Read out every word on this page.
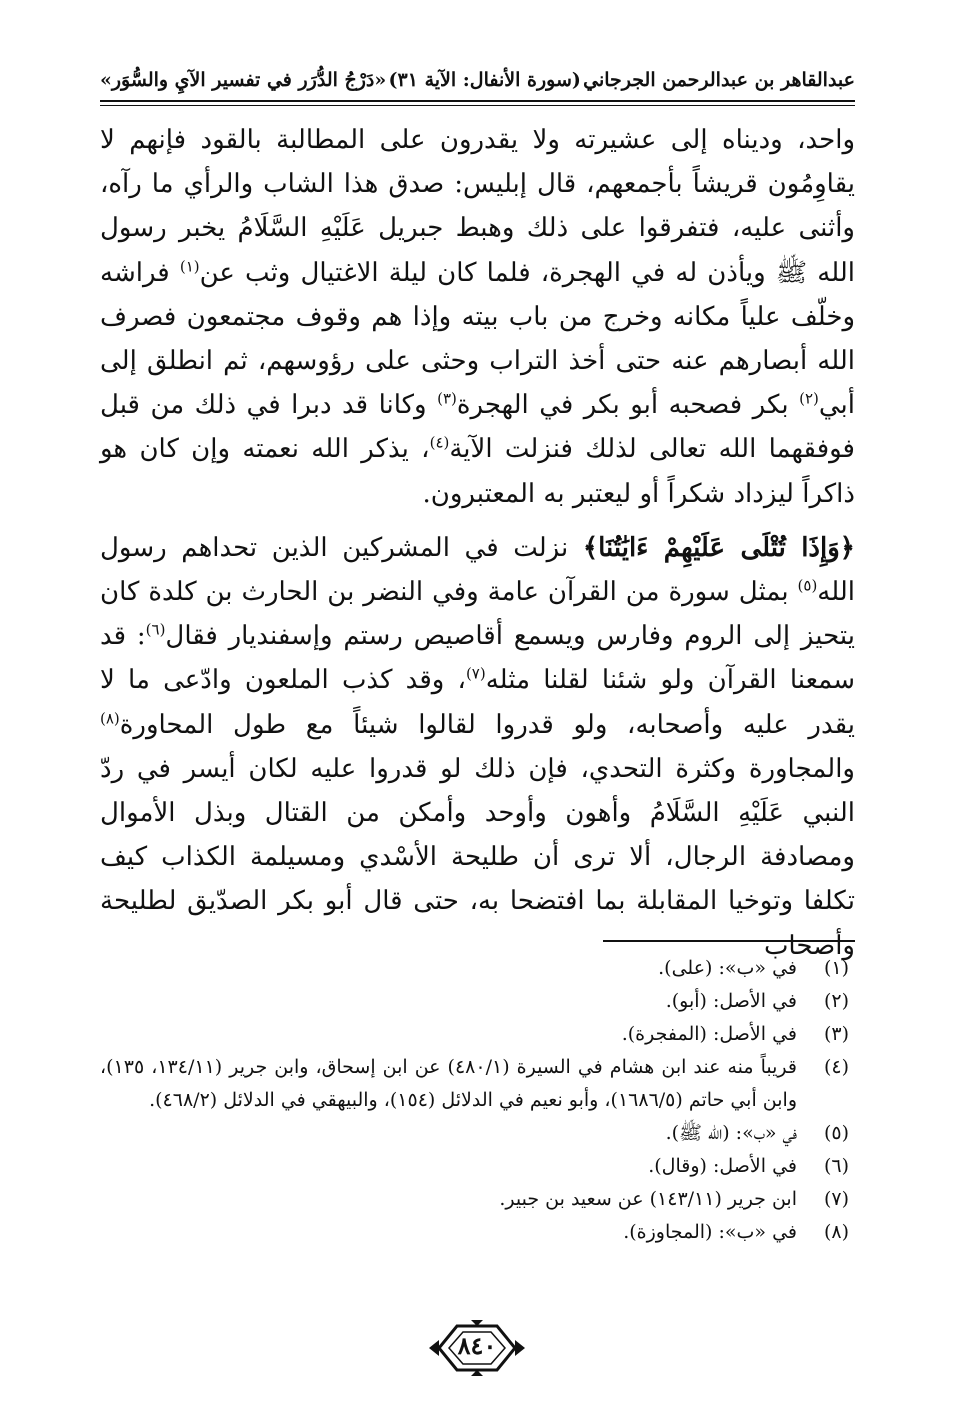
عبدالقاهر بن عبدالرحمن الجرجاني
(سورة الأنفال: الآية ٣١)
«دَرْجُ الدُّرَر في تفسير الآيِ والسُّوَر»

واحد، وديناه إلى عشيرته ولا يقدرون على المطالبة بالقود فإنهم لا يقاوِمُون قريشاً بأجمعهم، قال إبليس: صدق هذا الشاب والرأي ما رآه، وأثنى عليه، فتفرقوا على ذلك وهبط جبريل عَلَيْهِ السَّلَامُ يخبر رسول الله ﷺ ويأذن له في الهجرة، فلما كان ليلة الاغتيال وثب عن$^{(١)}$ فراشه وخلّف علياً مكانه وخرج من باب بيته وإذا هم وقوف مجتمعون فصرف الله أبصارهم عنه حتى أخذ التراب وحثى على رؤوسهم، ثم انطلق إلى أبي$^{(٢)}$ بكر فصحبه أبو بكر في الهجرة$^{(٣)}$ وكانا قد دبرا في ذلك من قبل فوفقهما الله تعالى لذلك فنزلت الآية$^{(٤)}$، يذكر الله نعمته وإن كان هو ذاكراً ليزداد شكراً أو ليعتبر به المعتبرون.

﴿وَإِذَا تُتْلَى عَلَيْهِمْ ءَايَٰتُنَا﴾ نزلت في المشركين الذين تحداهم رسول الله$^{(٥)}$ بمثل سورة من القرآن عامة وفي النضر بن الحارث بن كلدة كان يتحيز إلى الروم وفارس ويسمع أقاصيص رستم وإسفنديار فقال$^{(٦)}$: قد سمعنا القرآن ولو شئنا لقلنا مثله$^{(٧)}$، وقد كذب الملعون وادّعى ما لا يقدر عليه وأصحابه، ولو قدروا لقالوا شيئاً مع طول المحاورة$^{(٨)}$ والمجاورة وكثرة التحدي، فإن ذلك لو قدروا عليه لكان أيسر في ردّ النبي عَلَيْهِ السَّلَامُ وأهون وأوحد وأمكن من القتال وبذل الأموال ومصادفة الرجال، ألا ترى أن طليحة الأسْدي ومسيلمة الكذاب كيف تكلفا وتوخيا المقابلة بما افتضحا به، حتى قال أبو بكر الصدّيق لطليحة وأصحاب

(١)
في «ب»: (على).
(٢)
في الأصل: (أبو).
(٣)
في الأصل: (المفجرة).
(٤)
قريباً منه عند ابن هشام في السيرة (٤٨٠/١) عن ابن إسحاق، وابن جرير (١٣٤/١١، ١٣٥)، وابن أبي حاتم (١٦٨٦/٥)، وأبو نعيم في الدلائل (١٥٤)، والبيهقي في الدلائل (٤٦٨/٢).
(٥)
في «ب»: (الله ﷺ).
(٦)
في الأصل: (وقال).
(٧)
ابن جرير (١٤٣/١١) عن سعيد بن جبير.
(٨)
في «ب»: (المجاوزة).
٨٤٠
